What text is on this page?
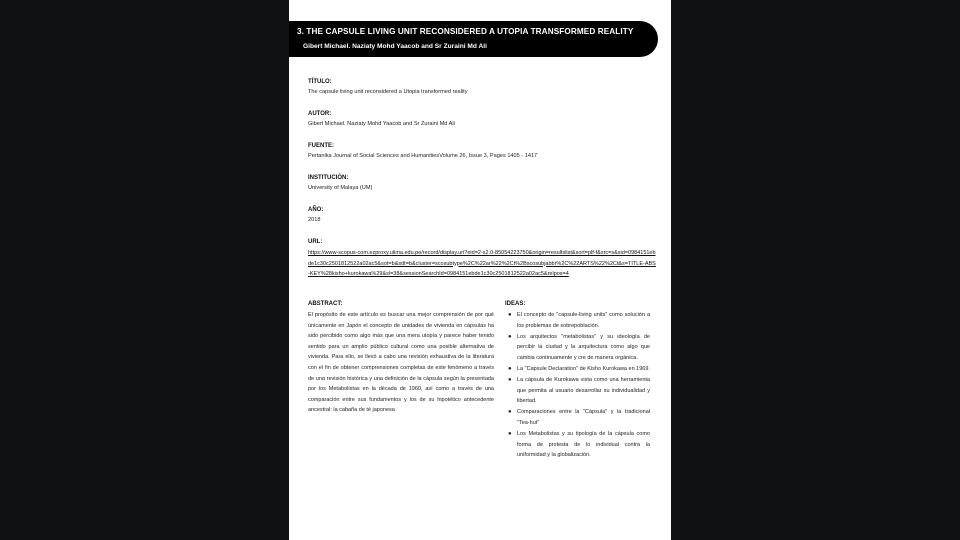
3. THE CAPSULE LIVING UNIT RECONSIDERED A UTOPIA TRANSFORMED REALITY
Gibert Michael. Naziaty Mohd Yaacob and Sr Zuraini Md Ali
TÍTULO:
The capsule living unit reconsidered a Utopia transformed reality
AUTOR:
Gibert Michael. Naziaty Mohd Yaacob and Sr Zuraini Md Ali
FUENTE:
Pertanika Journal of Social Sciences and HumanitiesVolume 26, Issue 3, Pages 1405 - 1417
INSTITUCIÓN:
University of Malaya (UM)
AÑO:
2018
URL:
https://www-scopus-com.ezproxy.ulima.edu.pe/record/display.uri?eid=2-s2.0-85054223750&origin=resultslist&sort=plf-f&src=s&sid=0984151ebde1c30c2501812522a02ac5&sot=b&sdt=b&cluster=scosubtype%2C%22ar%22%2Ct%2Bscosubjabbr%2C%22ARTS%22%2Ct&s=TITLE-ABS-KEY%28kisho+kurokawa%29&sl=38&sessionSearchId=0984151ebde1c30c2501812522a02ac5&relpos=4
ABSTRACT:
El propósito de este artículo es buscar una mejor comprensión de por qué únicamente en Japón el concepto de unidades de vivienda en cápsulas ha sido percibido como algo más que una mera utopía y parece haber tenido sentido para un amplio público cultural como una posible alternativa de vivienda. Para ello, se llevó a cabo una revisión exhaustiva de la literatura con el fin de obtener comprensiones completas de este fenómeno a través de una revisión histórica y una definición de la cápsula según la presentada por los Metabolistas en la década de 1960, así como a través de una comparación entre sus fundamentos y los de su hipotético antecedente ancestral: la cabaña de té japonesa
IDEAS:
● El concepto de "capsule-living units" como solución a los problemas de sobrepoblación.
● Los arquitectos "metabolistas" y su ideología de percibir la ciudad y la arquitectura como algo que cambia continuamente y cre de manera orgánica.
● La "Capsule Declaration" de Kisho Kurokawa en 1969.
● La cápsula de Kurokawa vista como una herramienta que permita al usuario desarrollar su individualidad y libertad.
● Comparaciones entre la "Cápsula" y la tradicional "Tea-hut"
● Los Metabolistas y su tipología de la cápsula como forma de protesta de lo individual contra la uniformidad y la globalización.
